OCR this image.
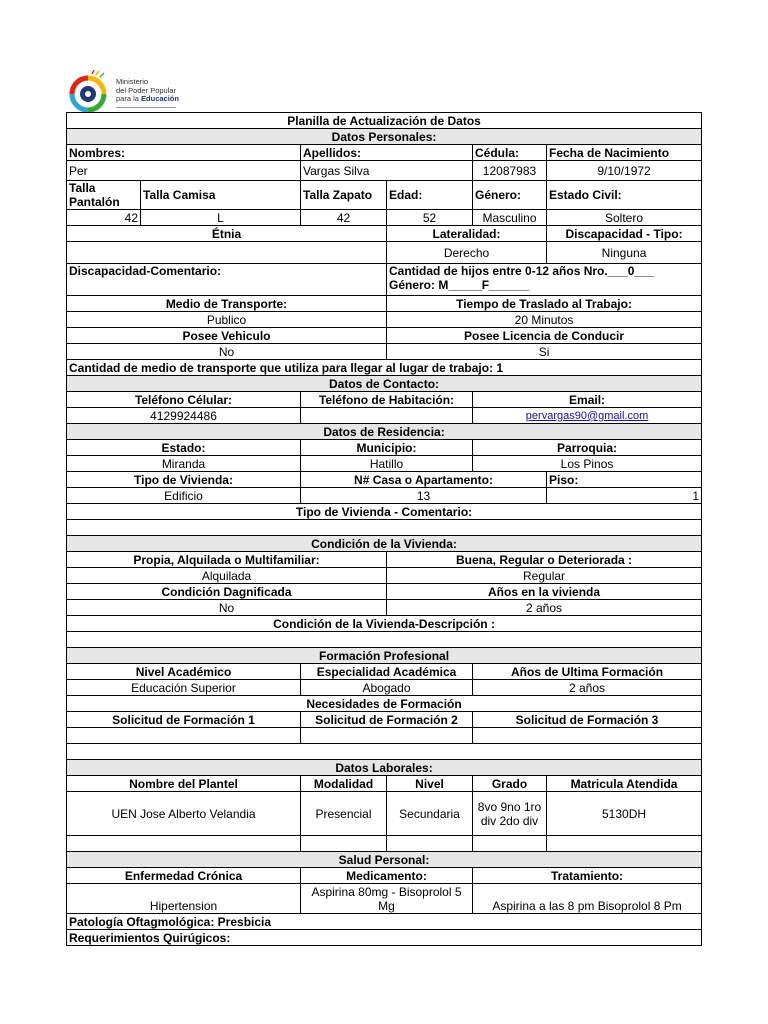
Ministerio
del Poder Popular
para la Educación
Planilla de Actualización de Datos					
Datos Personales:					
Nombres:		Apellidos:		Cédula:	Fecha de Nacimiento
Per		Vargas Silva		12087983	9/10/1972
Talla Pantalón	Talla Camisa	Talla Zapato	Edad:	Género:	Estado Civil:
42	L	42	52	Masculino	Soltero
Étnia			Lateralidad:		Discapacidad - Tipo:
			Derecho		Ninguna
Discapacidad-Comentario:			Cantidad de hijos entre 0-12 años Nro.___0___
Género: M_____F______		

Medio de Transporte:			Tiempo de Traslado al Trabajo:		
Publico			20 Minutos		
Posee Vehiculo			Posee Licencia de Conducir		
No			Si		
Cantidad de medio de transporte que utiliza para llegar al lugar de trabajo: 1					
Datos de Contacto:					
Teléfono Célular:		Teléfono de Habitación:		Email:	
4129924486				pervargas90@gmail.com	
Datos de Residencia:					
Estado:		Municipio:		Parroquia:	
Miranda		Hatillo		Los Pinos	
Tipo de Vivienda:		N# Casa o Apartamento:			Piso:
Edificio		13			1
Tipo de Vivienda - Comentario:					

Condición de la Vivienda:					
Propia, Alquilada o Multifamiliar:			Buena, Regular o Deteriorada :		
Alquilada			Regular		
Condición Dagnificada			Años en la vivienda		
No			2 años		
Condición de la Vivienda-Descripción :					

Formación Profesional					
Nivel Académico		Especialidad Académica		Años de Ultima Formación	
Educación Superior		Abogado		2 años	
Necesidades de Formación					
Solicitud de Formación 1		Solicitud de Formación 2		Solicitud de Formación 3	

Datos Laborales:					
Nombre del Plantel		Modalidad	Nivel	Grado	Matricula Atendida
UEN Jose Alberto Velandia		Presencial	Secundaria	8vo 9no 1ro div 2do div	5130DH

Salud Personal:					
Enfermedad Crónica		Medicamento:		Tratamiento:	
Hipertension		Aspirina 80mg - Bisoprolol 5 Mg		Aspirina a las 8 pm Bisoprolol 8 Pm	
Patología Oftagmológica: Presbicia					
Requerimientos Quirúgicos:					
